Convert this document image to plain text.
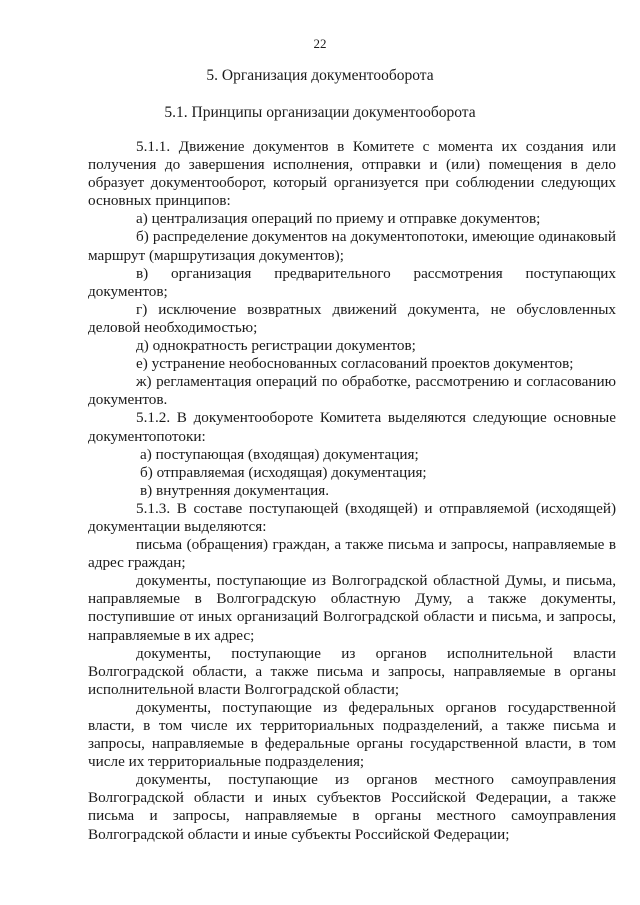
22
5. Организация документооборота
5.1. Принципы организации документооборота

5.1.1. Движение документов в Комитете с момента их создания или получения до завершения исполнения, отправки и (или) помещения в дело образует документооборот, который организуется при соблюдении следующих основных принципов:

а) централизация операций по приему и отправке документов;

б) распределение документов на документопотоки, имеющие одинаковый маршрут (маршрутизация документов);

в) организация предварительного рассмотрения поступающих документов;

г) исключение возвратных движений документа, не обусловленных деловой необходимостью;

д) однократность регистрации документов;

е) устранение необоснованных согласований проектов документов;

ж) регламентация операций по обработке, рассмотрению и согласованию документов.

5.1.2. В документообороте Комитета выделяются следующие основные документопотоки:

а) поступающая (входящая) документация;

б) отправляемая (исходящая) документация;

в) внутренняя документация.

5.1.3. В составе поступающей (входящей) и отправляемой (исходящей) документации выделяются:

письма (обращения) граждан, а также письма и запросы, направляемые в адрес граждан;

документы, поступающие из Волгоградской областной Думы, и письма, направляемые в Волгоградскую областную Думу, а также документы, поступившие от иных организаций Волгоградской области и письма, и запросы, направляемые в их адрес;

документы, поступающие из органов исполнительной власти Волгоградской области, а также письма и запросы, направляемые в органы исполнительной власти Волгоградской области;

документы, поступающие из федеральных органов государственной власти, в том числе их территориальных подразделений, а также письма и запросы, направляемые в федеральные органы государственной власти, в том числе их территориальные подразделения;

документы, поступающие из органов местного самоуправления Волгоградской области и иных субъектов Российской Федерации, а также письма и запросы, направляемые в органы местного самоуправления Волгоградской области и иные субъекты Российской Федерации;
